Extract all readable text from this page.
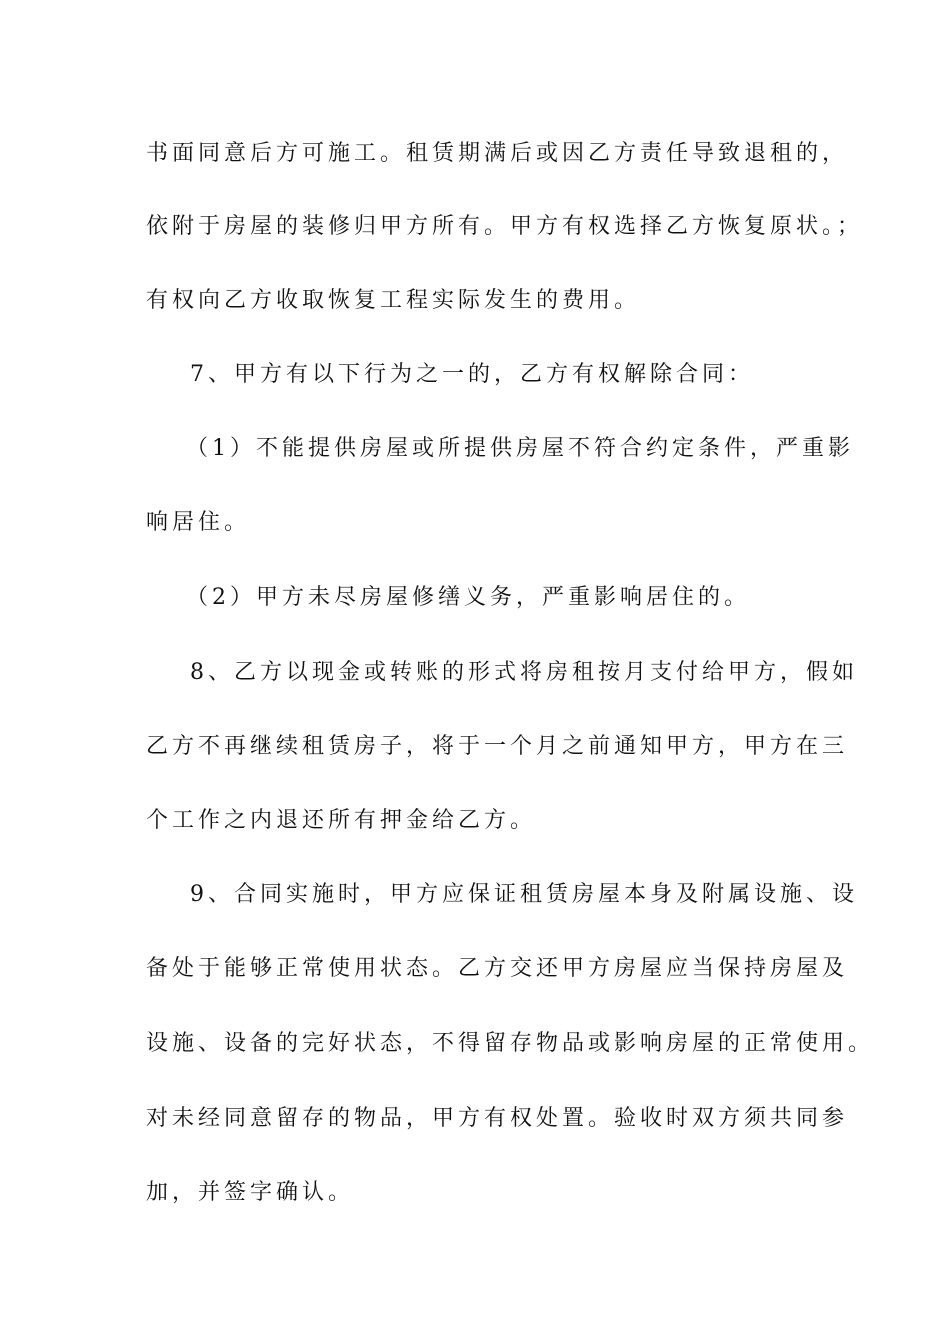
书面同意后方可施工。租赁期满后或因乙方责任导致退租的，
依附于房屋的装修归甲方所有。甲方有权选择乙方恢复原状。；
有权向乙方收取恢复工程实际发生的费用。
7、甲方有以下行为之一的，乙方有权解除合同：
（1）不能提供房屋或所提供房屋不符合约定条件，严重影
响居住。
（2）甲方未尽房屋修缮义务，严重影响居住的。
8、乙方以现金或转账的形式将房租按月支付给甲方，假如
乙方不再继续租赁房子，将于一个月之前通知甲方，甲方在三
个工作之内退还所有押金给乙方。
9、合同实施时，甲方应保证租赁房屋本身及附属设施、设
备处于能够正常使用状态。乙方交还甲方房屋应当保持房屋及
设施、设备的完好状态，不得留存物品或影响房屋的正常使用。
对未经同意留存的物品，甲方有权处置。验收时双方须共同参
加，并签字确认。
